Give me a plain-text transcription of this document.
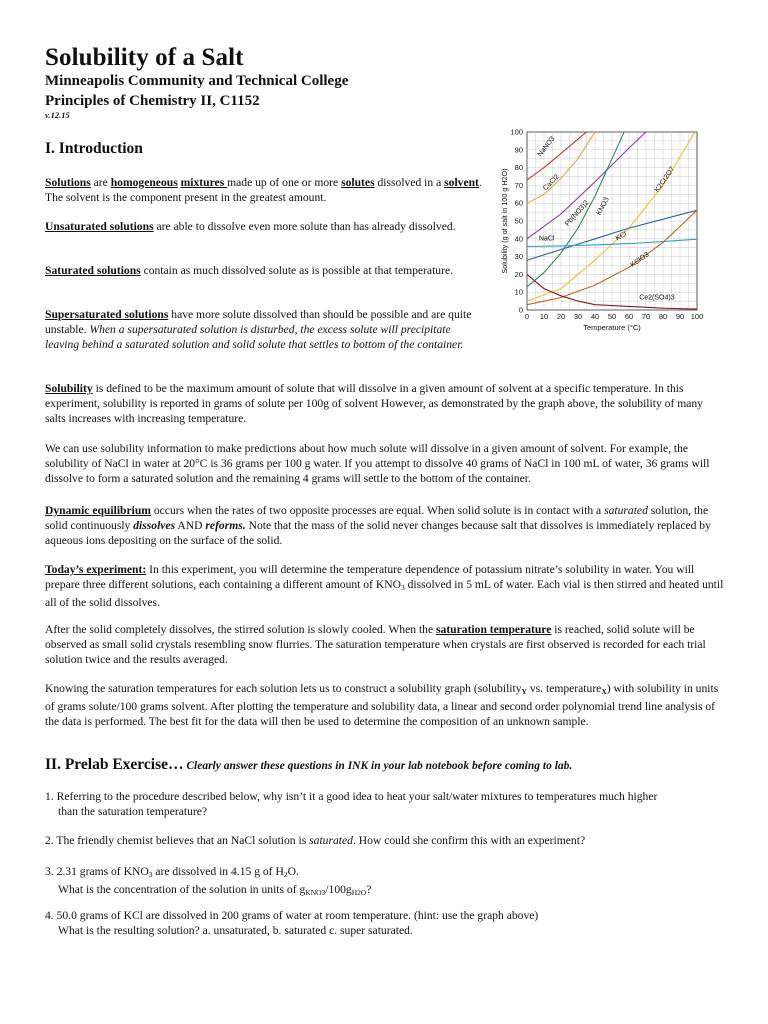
Solubility of a Salt

Minneapolis Community and Technical College

Principles of Chemistry II, C1152

v.12.15
I. Introduction

Solutions are homogeneous mixtures made up of one or more solutes dissolved in a solvent. The solvent is the component present in the greatest amount.

Unsaturated solutions are able to dissolve even more solute than has already dissolved.

Saturated solutions contain as much dissolved solute as is possible at that temperature.

Supersaturated solutions have more solute dissolved than should be possible and are quite unstable. When a supersaturated solution is disturbed, the excess solute will precipitate leaving behind a saturated solution and solid solute that settles to bottom of the container.

0 10 20 30 40 50 60 70 80 90 100
0
10
20
30
40
50
60
70
80
90
100
Temperature (°C)
Solubility (g of salt in 100 g H2O)
NaNO3
CaCl2
Pb(NO3)2 KNO3
K2Cr2O7
KCl
NaCl
KClO3
Ce2(SO4)3

Solubility is defined to be the maximum amount of solute that will dissolve in a given amount of solvent at a specific temperature. In this experiment, solubility is reported in grams of solute per 100g of solvent However, as demonstrated by the graph above, the solubility of many salts increases with increasing temperature.

We can use solubility information to make predictions about how much solute will dissolve in a given amount of solvent. For example, the solubility of NaCl in water at 20°C is 36 grams per 100 g water. If you attempt to dissolve 40 grams of NaCl in 100 mL of water, 36 grams will dissolve to form a saturated solution and the remaining 4 grams will settle to the bottom of the container.

Dynamic equilibrium occurs when the rates of two opposite processes are equal. When solid solute is in contact with a saturated solution, the solid continuously dissolves AND reforms. Note that the mass of the solid never changes because salt that dissolves is immediately replaced by aqueous ions depositing on the surface of the solid.

Today’s experiment: In this experiment, you will determine the temperature dependence of potassium nitrate’s solubility in water. You will prepare three different solutions, each containing a different amount of $KNO_3$ dissolved in 5 mL of water. Each vial is then stirred and heated until all of the solid dissolves.

After the solid completely dissolves, the stirred solution is slowly cooled. When the saturation temperature is reached, solid solute will be observed as small solid crystals resembling snow flurries. The saturation temperature when crystals are first observed is recorded for each trial solution twice and the results averaged.

Knowing the saturation temperatures for each solution lets us to construct a solubility graph (solubility$_Y$ vs. temperature$_X$) with solubility in units of grams solute/100 grams solvent. After plotting the temperature and solubility data, a linear and second order polynomial trend line analysis of the data is performed. The best fit for the data will then be used to determine the composition of an unknown sample.

II. Prelab Exercise… Clearly answer these questions in INK in your lab notebook before coming to lab.

1. Referring to the procedure described below, why isn’t it a good idea to heat your salt/water mixtures to temperatures much higher
than the saturation temperature?

2. The friendly chemist believes that an NaCl solution is saturated. How could she confirm this with an experiment?

3. 2.31 grams of $KNO_3$ are dissolved in 4.15 g of $H_2O$.
What is the concentration of the solution in units of $g_{KNO3}/100g_{H2O}$?

4. 50.0 grams of KCl are dissolved in 200 grams of water at room temperature. (hint: use the graph above)
What is the resulting solution? a. unsaturated, b. saturated c. super saturated.
